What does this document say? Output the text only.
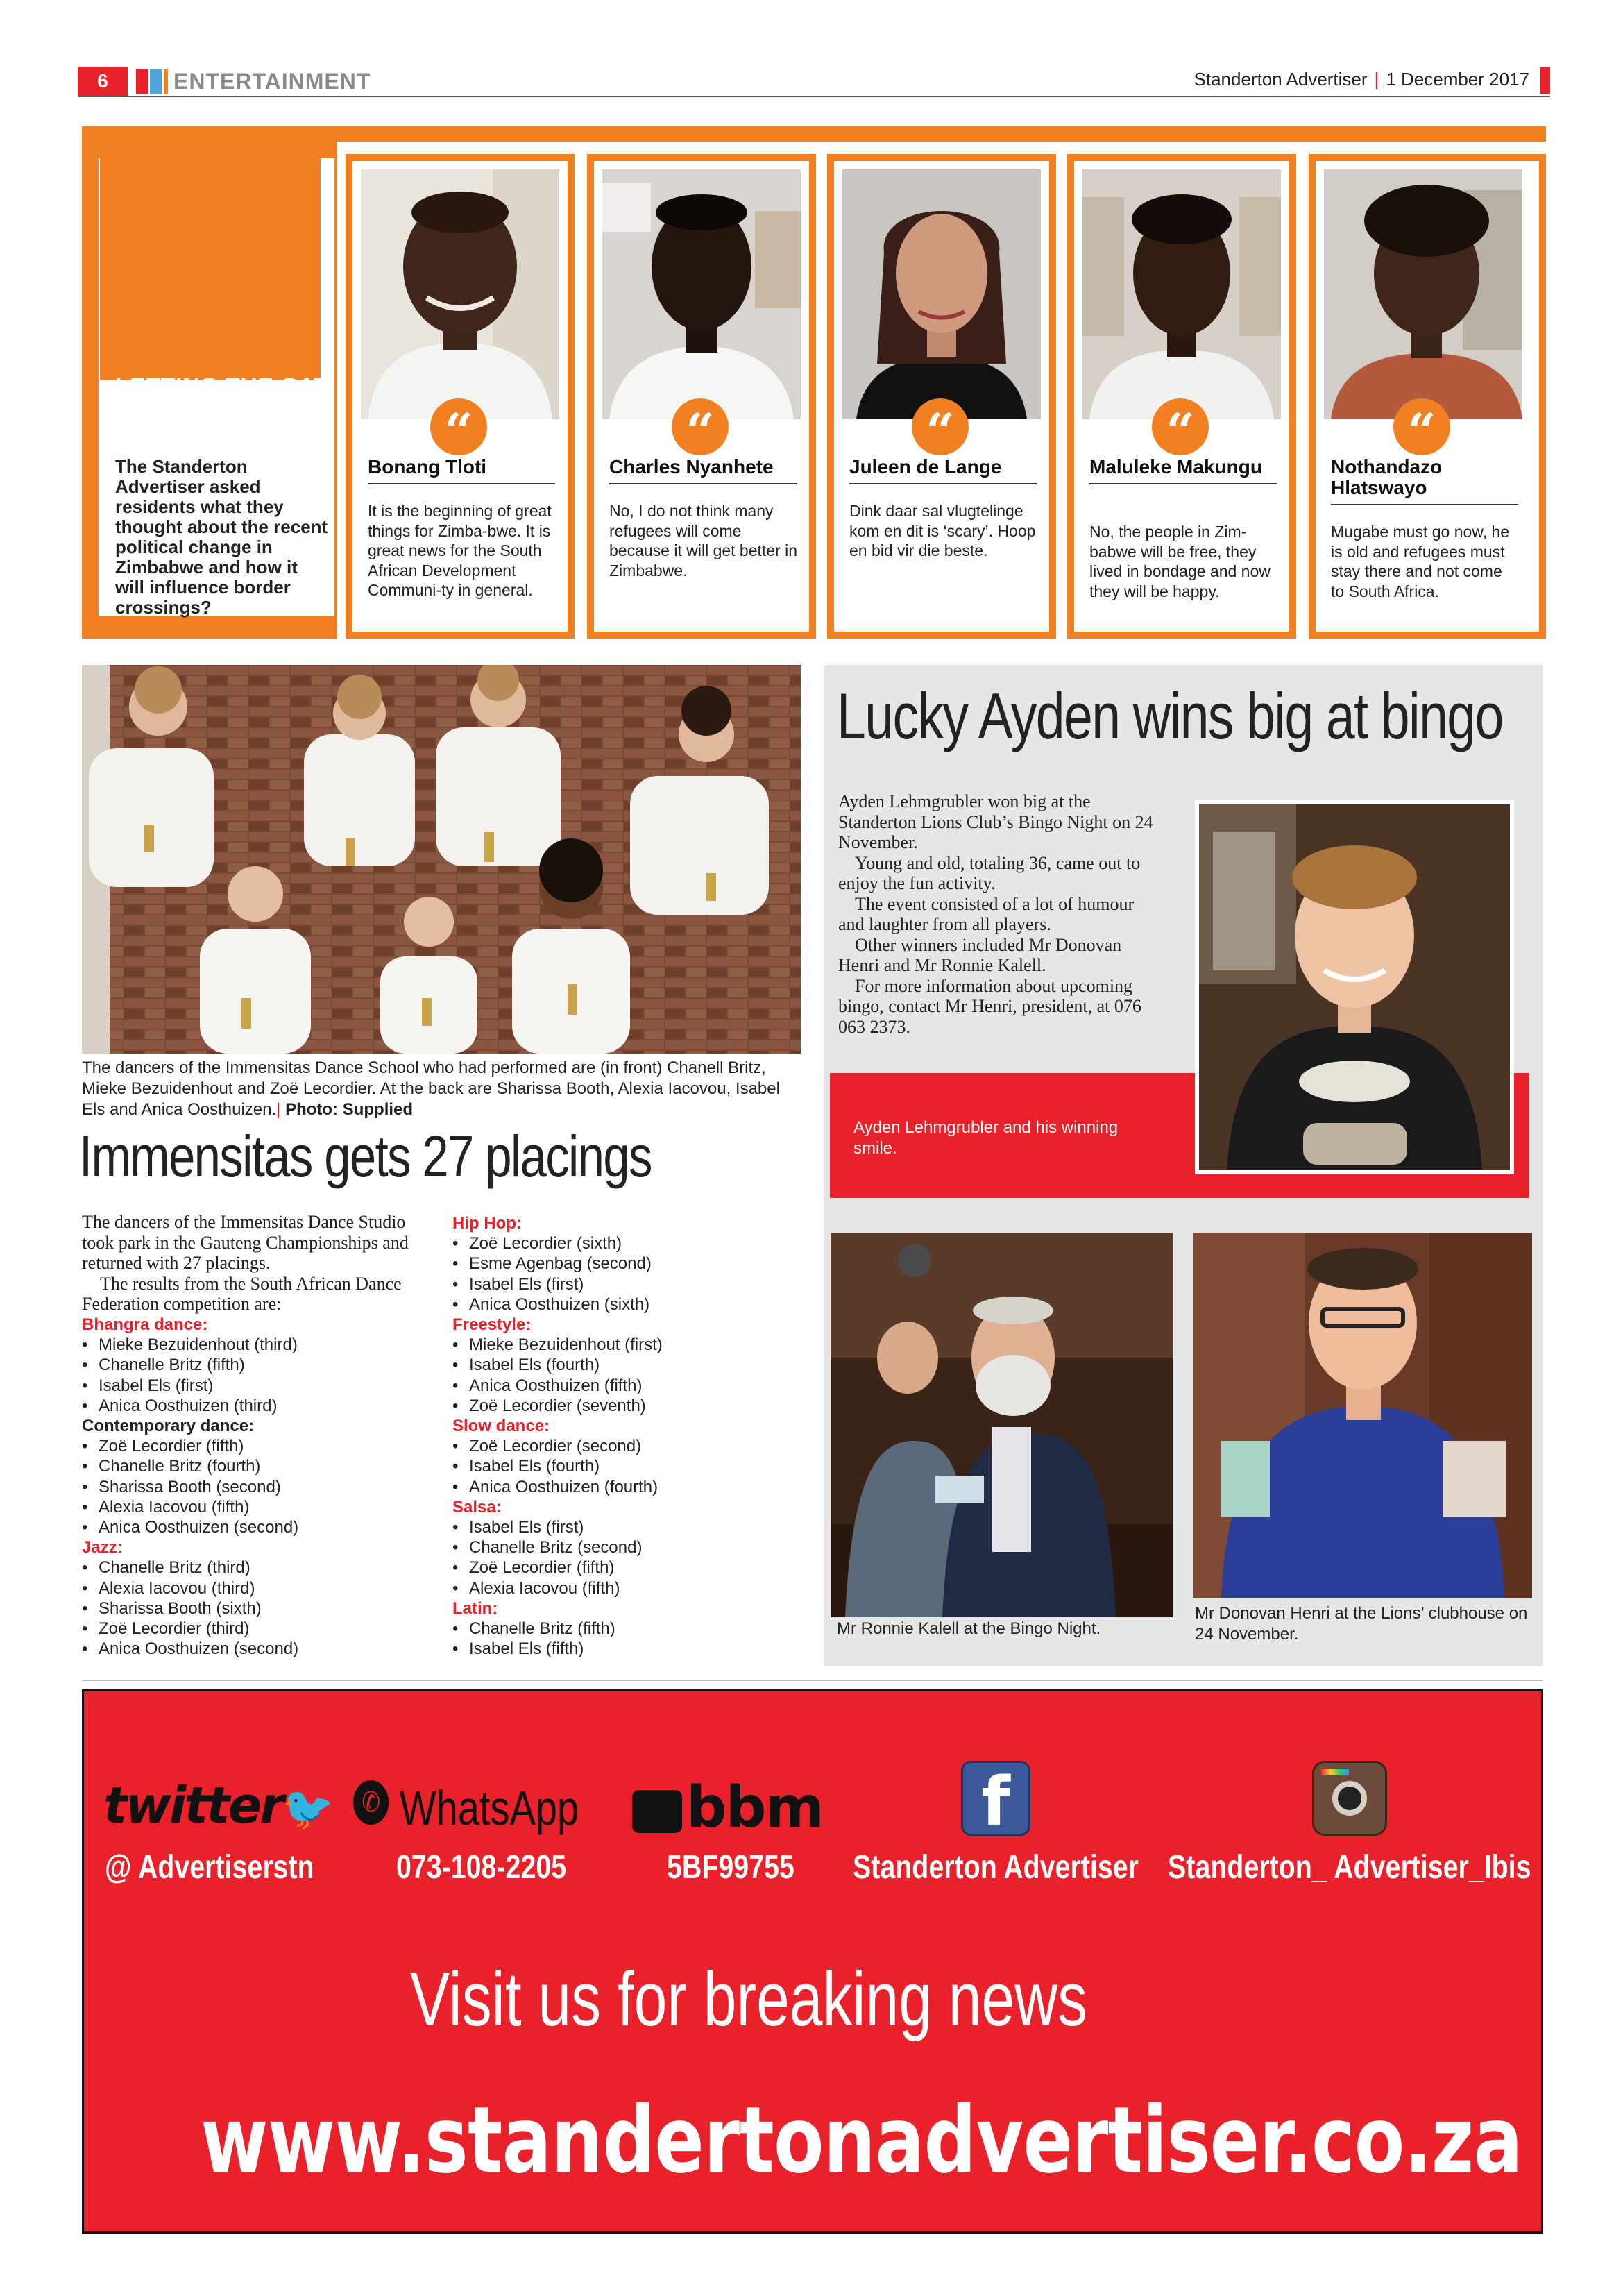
6	ENTERTAINMENT	Standerton Advertiser | 1 December 2017
LETTING THE CAT OUT OF THE BAG
The Standerton Advertiser asked residents what they thought about the recent political change in Zimbabwe and how it will influence border crossings?
“
Bonang Tloti
It is the beginning of great things for Zimba-bwe. It is great news for the South African Development Communi-ty in general.
“
Charles Nyanhete
No, I do not think many refugees will come because it will get better in Zimbabwe.
“
Juleen de Lange
Dink daar sal vlugtelinge kom en dit is ‘scary’. Hoop en bid vir die beste.
“
Maluleke Makungu
No, the people in Zim-babwe will be free, they lived in bondage and now they will be happy.
“
Nothandazo Hlatswayo
Mugabe must go now, he is old and refugees must stay there and not come to South Africa.
The dancers of the Immensitas Dance School who had performed are (in front) Chanell Britz, Mieke Bezuidenhout and Zoë Lecordier. At the back are Sharissa Booth, Alexia Iacovou, Isabel Els and Anica Oosthuizen.| Photo: Supplied
Immensitas gets 27 placings

The dancers of the Immensitas Dance Studio took park in the Gauteng Championships and returned with 27 placings.

The results from the South African Dance Federation competition are:

Bhangra dance:
• Mieke Bezuidenhout (third)
• Chanelle Britz (fifth)
• Isabel Els (first)
• Anica Oosthuizen (third)
Contemporary dance:
• Zoë Lecordier (fifth)
• Chanelle Britz (fourth)
• Sharissa Booth (second)
• Alexia Iacovou (fifth)
• Anica Oosthuizen (second)
Jazz:
• Chanelle Britz (third)
• Alexia Iacovou (third)
• Sharissa Booth (sixth)
• Zoë Lecordier (third)
• Anica Oosthuizen (second)
Hip Hop:
• Zoë Lecordier (sixth)
• Esme Agenbag (second)
• Isabel Els (first)
• Anica Oosthuizen (sixth)
Freestyle:
• Mieke Bezuidenhout (first)
• Isabel Els (fourth)
• Anica Oosthuizen (fifth)
• Zoë Lecordier (seventh)
Slow dance:
• Zoë Lecordier (second)
• Isabel Els (fourth)
• Anica Oosthuizen (fourth)
Salsa:
• Isabel Els (first)
• Chanelle Britz (second)
• Zoë Lecordier (fifth)
• Alexia Iacovou (fifth)
Latin:
• Chanelle Britz (fifth)
• Isabel Els (fifth)
Lucky Ayden wins big at bingo

Ayden Lehmgrubler won big at the Standerton Lions Club’s Bingo Night on 24 November.

Young and old, totaling 36, came out to enjoy the fun activity.

The event consisted of a lot of humour and laughter from all players.

Other winners included Mr Donovan Henri and Mr Ronnie Kalell.

For more information about upcoming bingo, contact Mr Henri, president, at 076 063 2373.

Ayden Lehmgrubler and his winning smile.
Mr Ronnie Kalell at the Bingo Night.
Mr Donovan Henri at the Lions’ clubhouse on 24 November.
twitter🐦
@ Advertiserstn
✆ WhatsApp
073-108-2205
bbm
5BF99755
f
Standerton Advertiser Standerton_ Advertiser_Ibis
Visit us for breaking news
www.standertonadvertiser.co.za
